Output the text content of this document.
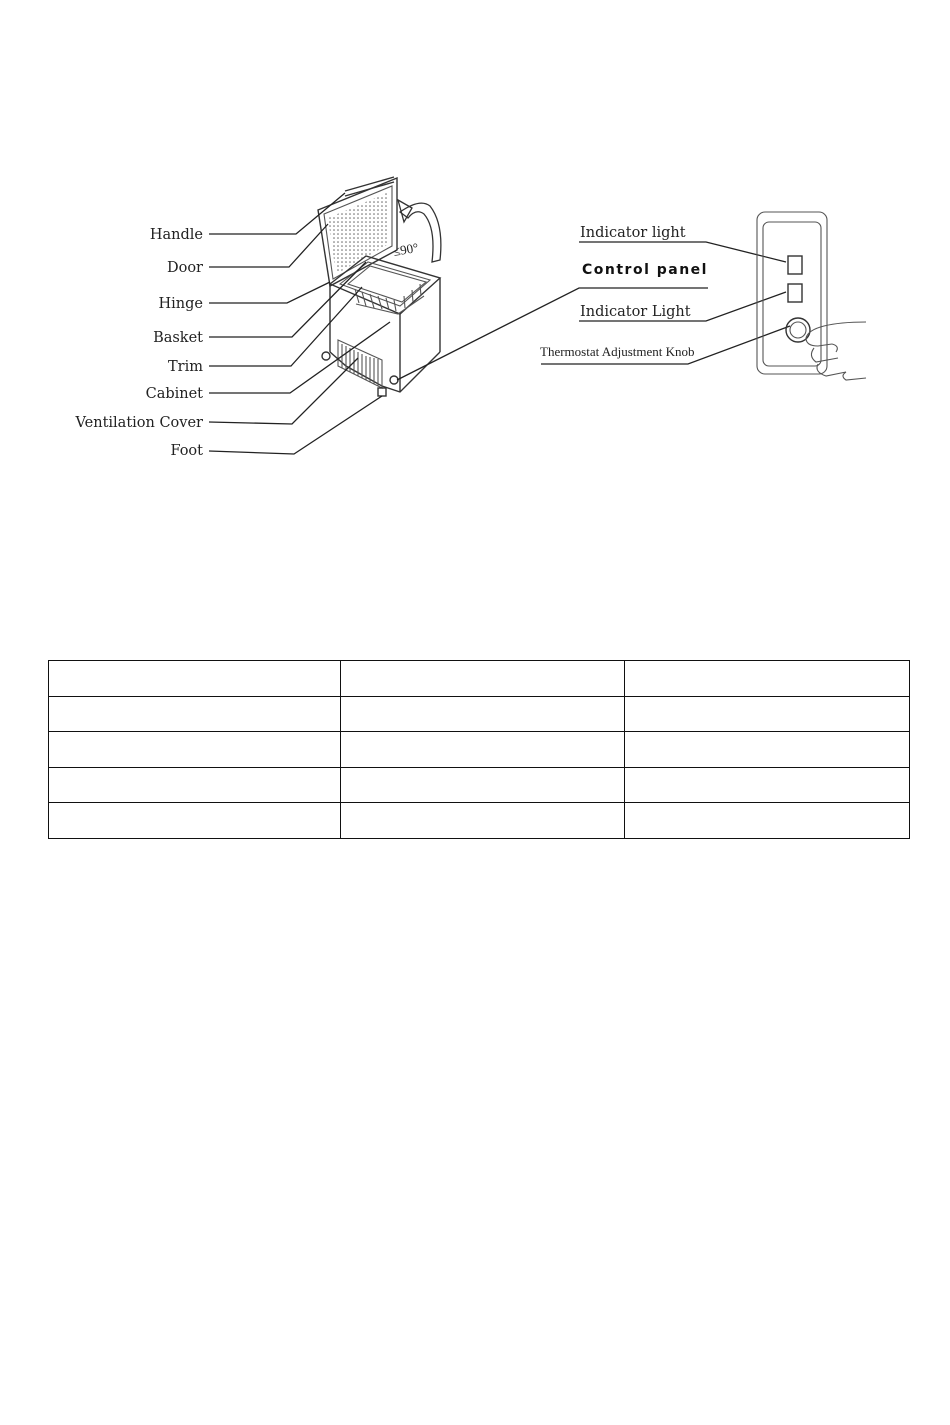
≤90°
Handle
Door
Hinge
Basket
Trim
Cabinet
Ventilation Cover
Foot
Indicator light
Control panel
Indicator Light
Thermostat Adjustment Knob
